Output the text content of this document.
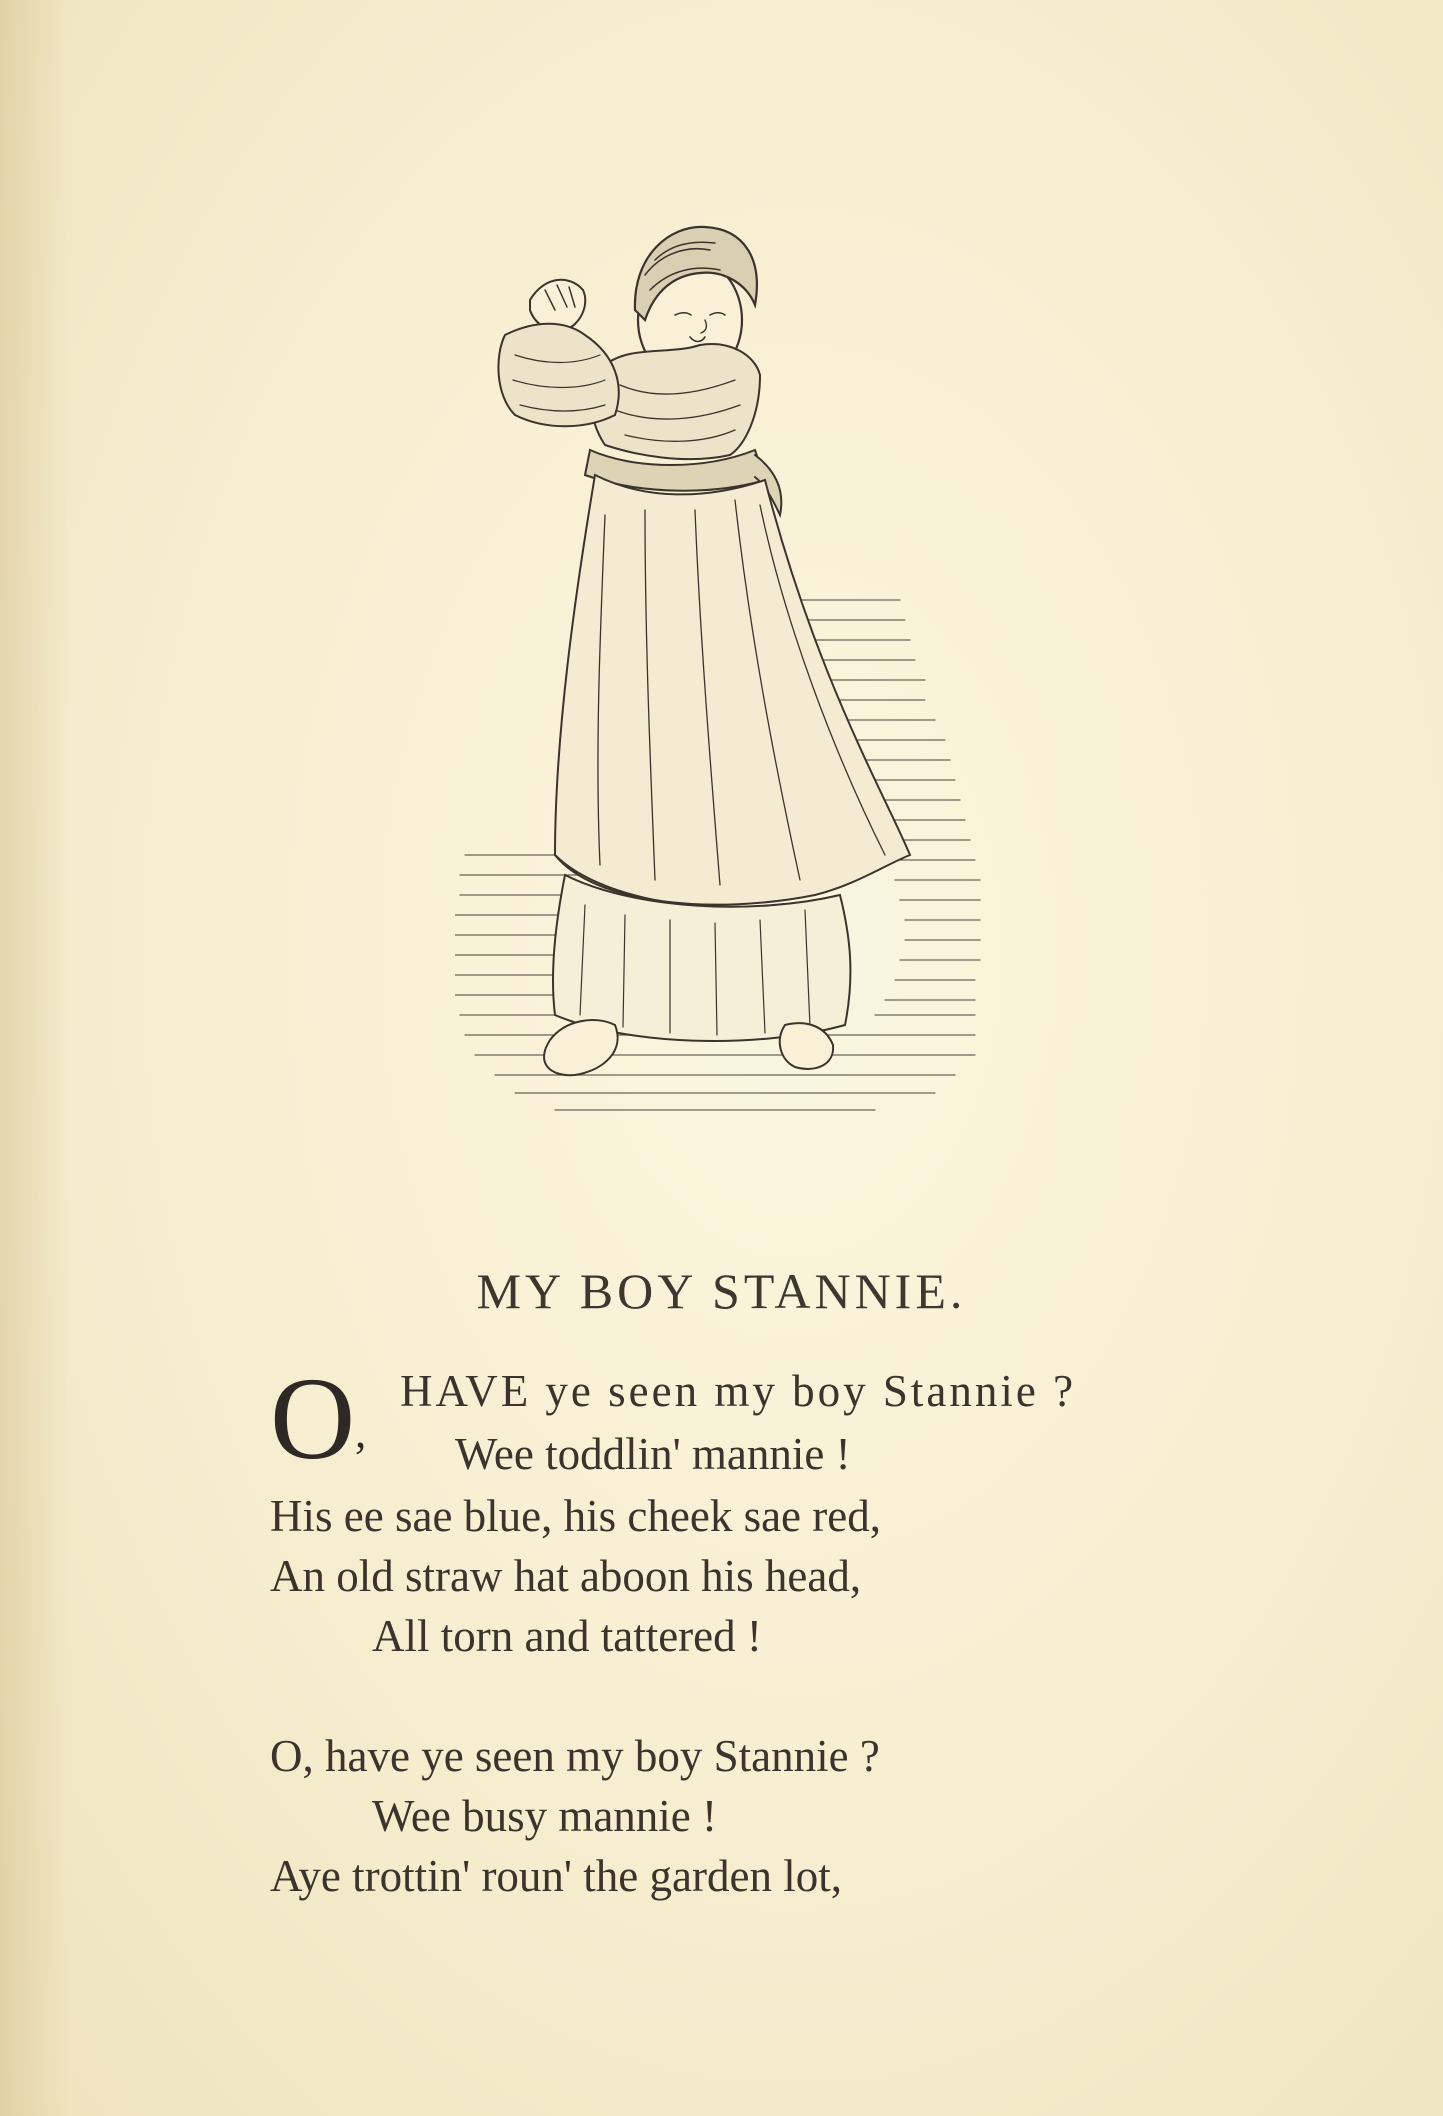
MY BOY STANNIE.
O ,
HAVE ye seen my boy Stannie ?
Wee toddlin' mannie !
His ee sae blue, his cheek sae red,
An old straw hat aboon his head,
All torn and tattered !
O, have ye seen my boy Stannie ?
Wee busy mannie !
Aye trottin' roun' the garden lot,
